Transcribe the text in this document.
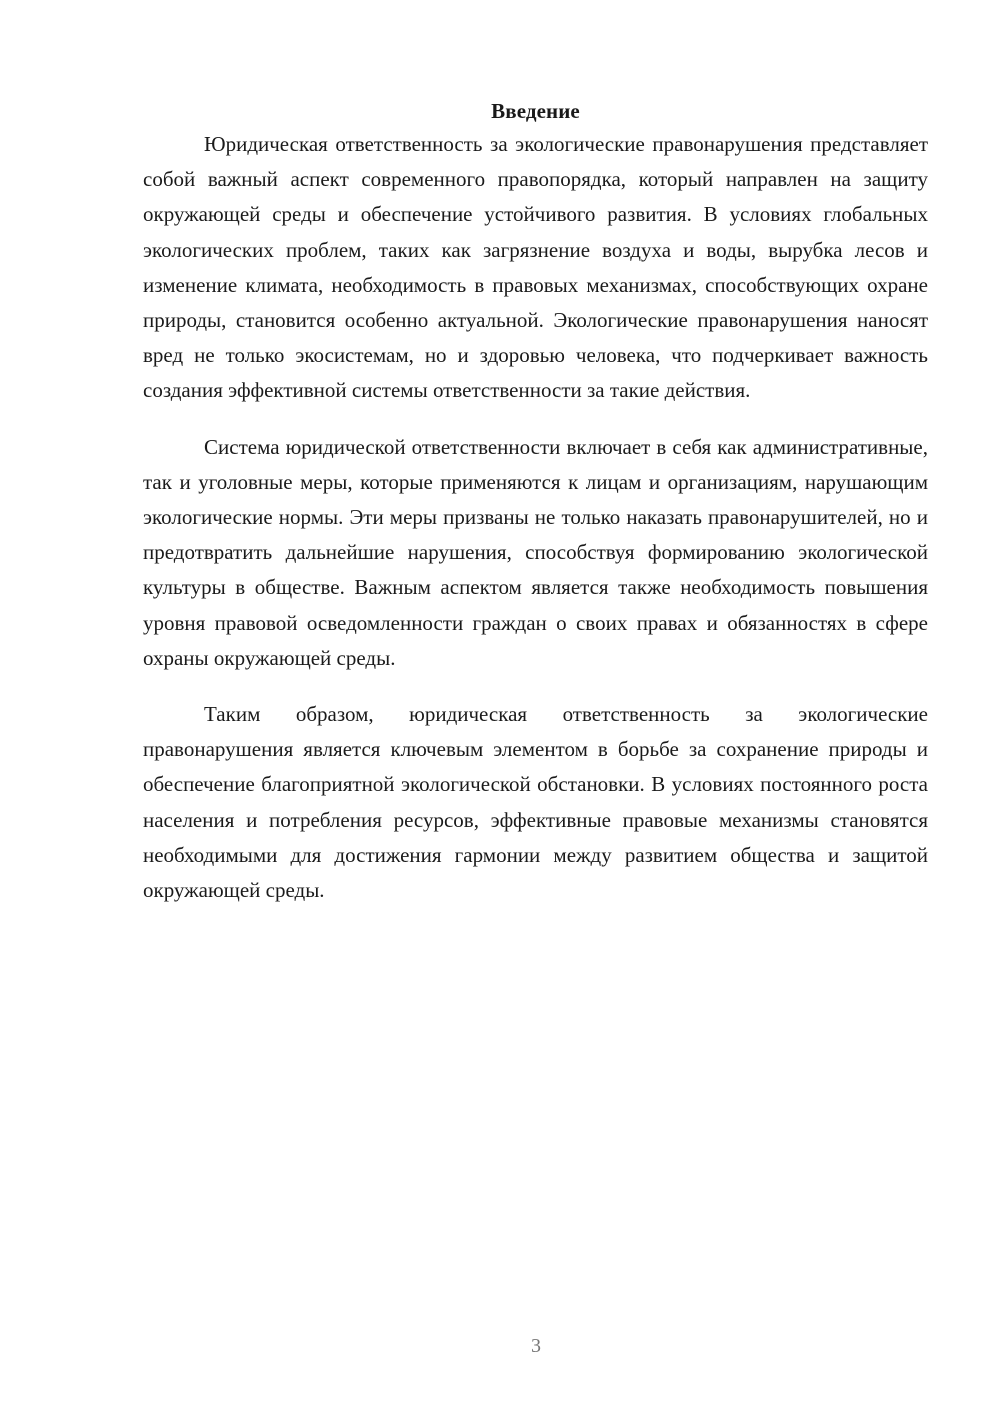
Введение

Юридическая ответственность за экологические правонарушения представляет собой важный аспект современного правопорядка, который направлен на защиту окружающей среды и обеспечение устойчивого развития. В условиях глобальных экологических проблем, таких как загрязнение воздуха и воды, вырубка лесов и изменение климата, необходимость в правовых механизмах, способствующих охране природы, становится особенно актуальной. Экологические правонарушения наносят вред не только экосистемам, но и здоровью человека, что подчеркивает важность создания эффективной системы ответственности за такие действия.

Система юридической ответственности включает в себя как административные, так и уголовные меры, которые применяются к лицам и организациям, нарушающим экологические нормы. Эти меры призваны не только наказать правонарушителей, но и предотвратить дальнейшие нарушения, способствуя формированию экологической культуры в обществе. Важным аспектом является также необходимость повышения уровня правовой осведомленности граждан о своих правах и обязанностях в сфере охраны окружающей среды.

Таким образом, юридическая ответственность за экологические правонарушения является ключевым элементом в борьбе за сохранение природы и обеспечение благоприятной экологической обстановки. В условиях постоянного роста населения и потребления ресурсов, эффективные правовые механизмы становятся необходимыми для достижения гармонии между развитием общества и защитой окружающей среды.

3
